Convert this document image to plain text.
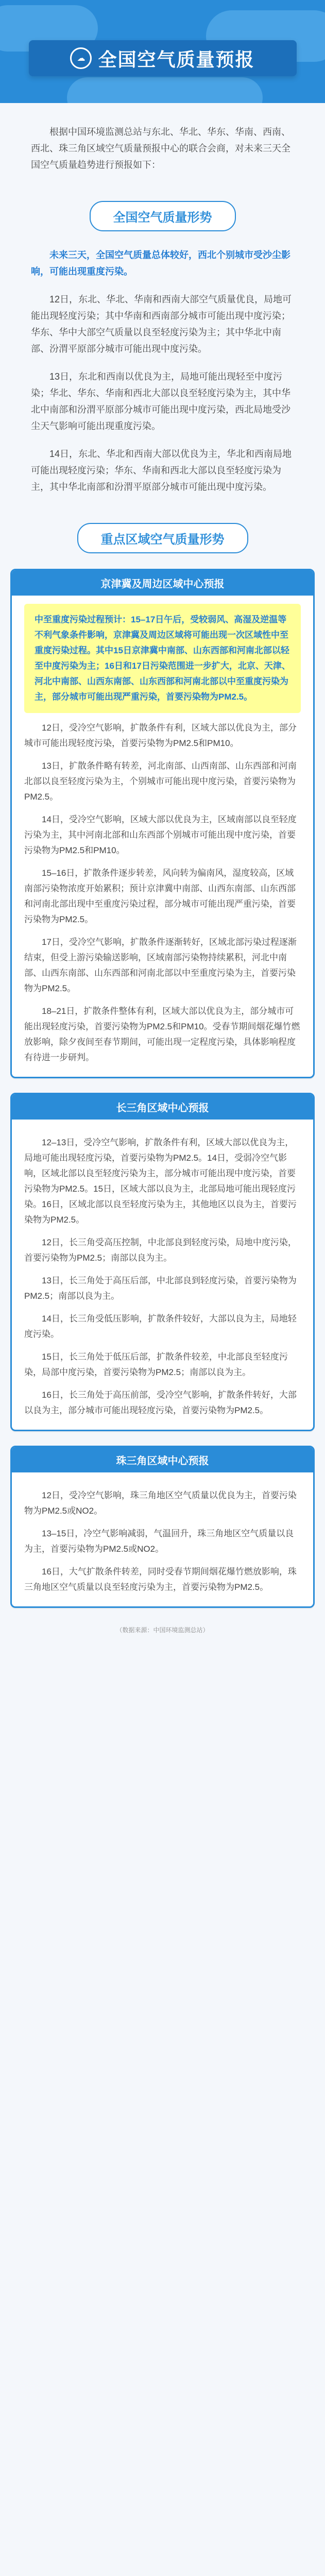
☁ 全国空气质量预报
根据中国环境监测总站与东北、华北、华东、华南、西南、西北、珠三角区域空气质量预报中心的联合会商，对未来三天全国空气质量趋势进行预报如下：
全国空气质量形势
未来三天，全国空气质量总体较好，西北个别城市受沙尘影响，可能出现重度污染。
12日，东北、华北、华南和西南大部空气质量优良，局地可能出现轻度污染；其中华南和西南部分城市可能出现中度污染；华东、华中大部空气质量以良至轻度污染为主；其中华北中南部、汾渭平原部分城市可能出现中度污染。
13日，东北和西南以优良为主，局地可能出现轻至中度污染；华北、华东、华南和西北大部以良至轻度污染为主，其中华北中南部和汾渭平原部分城市可能出现中度污染，西北局地受沙尘天气影响可能出现重度污染。
14日，东北、华北和西南大部以优良为主，华北和西南局地可能出现轻度污染；华东、华南和西北大部以良至轻度污染为主，其中华北南部和汾渭平原部分城市可能出现中度污染。
重点区域空气质量形势
京津冀及周边区域中心预报
中至重度污染过程预计：15–17日午后，受较弱风、高湿及逆温等不利气象条件影响，京津冀及周边区域将可能出现一次区域性中至重度污染过程。其中15日京津冀中南部、山东西部和河南北部以轻至中度污染为主；16日和17日污染范围进一步扩大，北京、天津、河北中南部、山西东南部、山东西部和河南北部以中至重度污染为主，部分城市可能出现严重污染，首要污染物为PM2.5。
12日，受冷空气影响，扩散条件有利，区域大部以优良为主，部分城市可能出现轻度污染，首要污染物为PM2.5和PM10。
13日，扩散条件略有转差，河北南部、山西南部、山东西部和河南北部以良至轻度污染为主，个别城市可能出现中度污染，首要污染物为PM2.5。
14日，受冷空气影响，区域大部以优良为主，区域南部以良至轻度污染为主，其中河南北部和山东西部个别城市可能出现中度污染，首要污染物为PM2.5和PM10。
15–16日，扩散条件逐步转差，风向转为偏南风，湿度较高，区域南部污染物浓度开始累积；预计京津冀中南部、山西东南部、山东西部和河南北部出现中至重度污染过程，部分城市可能出现严重污染，首要污染物为PM2.5。
17日，受冷空气影响，扩散条件逐渐转好，区域北部污染过程逐渐结束，但受上游污染输送影响，区域南部污染物持续累积，河北中南部、山西东南部、山东西部和河南北部以中至重度污染为主，首要污染物为PM2.5。
18–21日，扩散条件整体有利，区域大部以优良为主，部分城市可能出现轻度污染，首要污染物为PM2.5和PM10。受春节期间烟花爆竹燃放影响，除夕夜间至春节期间，可能出现一定程度污染，具体影响程度有待进一步研判。
长三角区域中心预报
12–13日，受冷空气影响，扩散条件有利，区域大部以优良为主，局地可能出现轻度污染，首要污染物为PM2.5。14日，受弱冷空气影响，区域北部以良至轻度污染为主，部分城市可能出现中度污染，首要污染物为PM2.5。15日，区域大部以良为主，北部局地可能出现轻度污染。16日，区域北部以良至轻度污染为主，其他地区以良为主，首要污染物为PM2.5。
12日，长三角受高压控制，中北部良到轻度污染，局地中度污染，首要污染物为PM2.5；南部以良为主。
13日，长三角处于高压后部，中北部良到轻度污染，首要污染物为PM2.5；南部以良为主。
14日，长三角受低压影响，扩散条件较好，大部以良为主，局地轻度污染。
15日，长三角处于低压后部，扩散条件较差，中北部良至轻度污染，局部中度污染，首要污染物为PM2.5；南部以良为主。
16日，长三角处于高压前部，受冷空气影响，扩散条件转好，大部以良为主，部分城市可能出现轻度污染，首要污染物为PM2.5。
珠三角区域中心预报
12日，受冷空气影响，珠三角地区空气质量以优良为主，首要污染物为PM2.5或NO2。
13–15日，冷空气影响减弱，气温回升，珠三角地区空气质量以良为主，首要污染物为PM2.5或NO2。
16日，大气扩散条件转差，同时受春节期间烟花爆竹燃放影响，珠三角地区空气质量以良至轻度污染为主，首要污染物为PM2.5。
（数据来源：中国环境监测总站）
